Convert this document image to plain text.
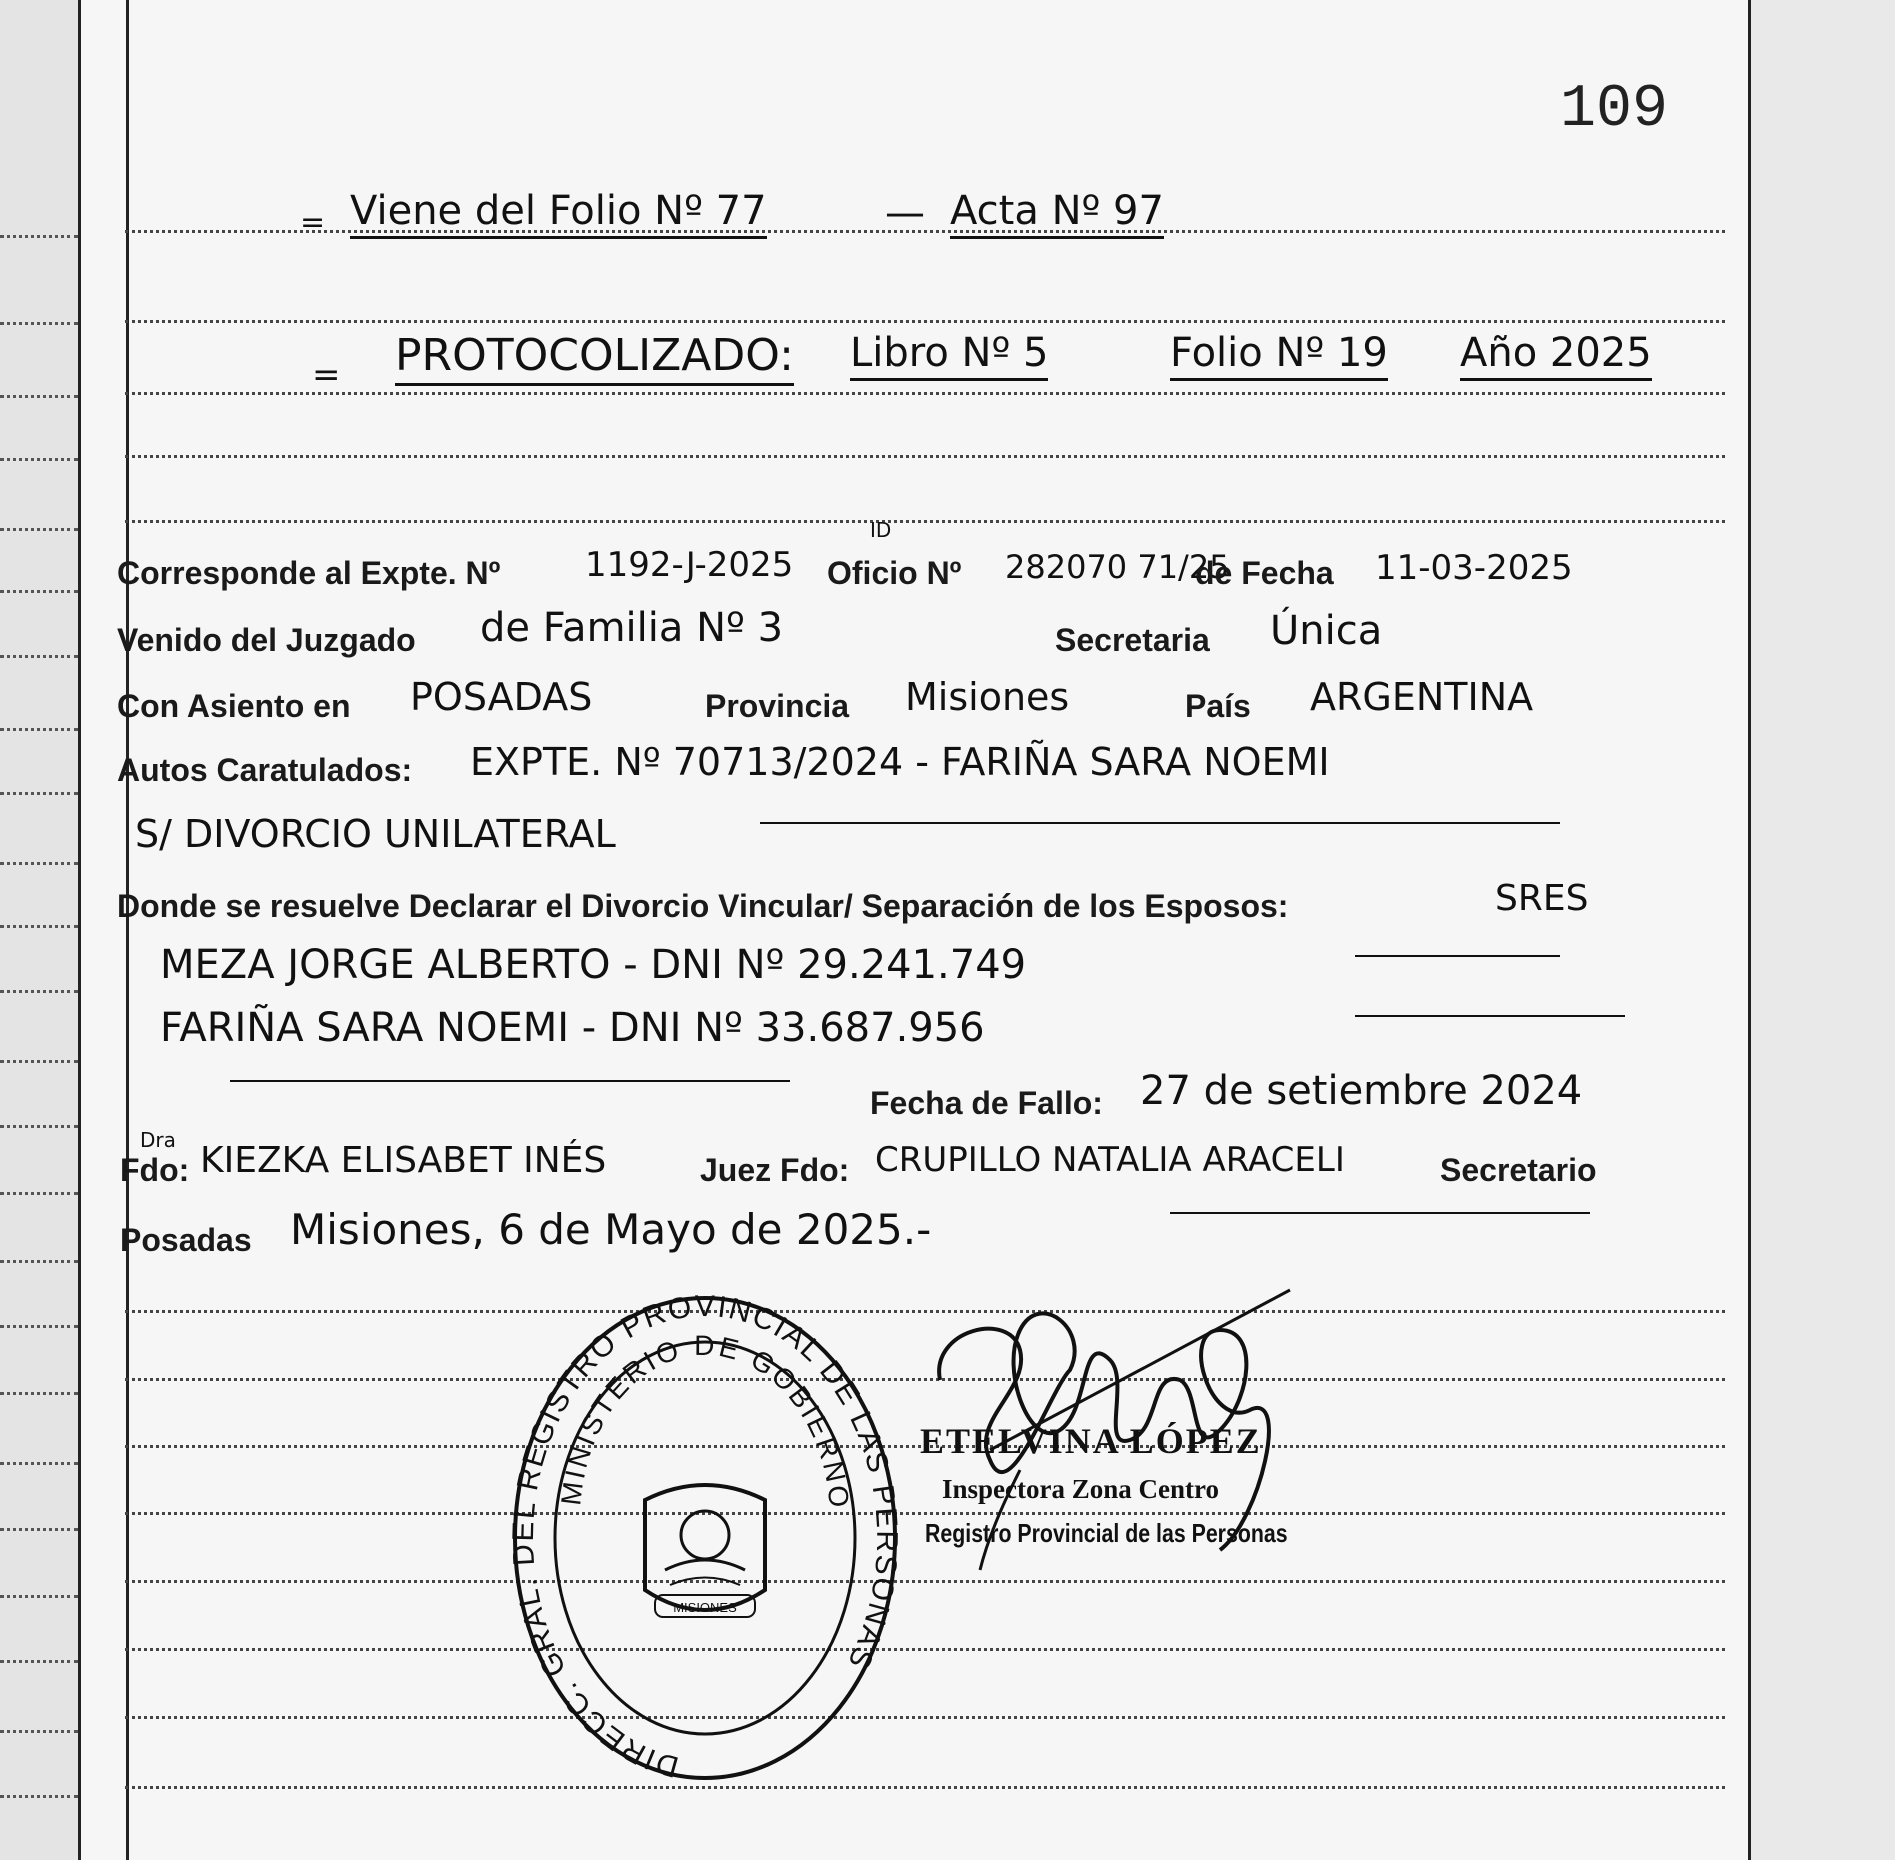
109
= Viene del Folio Nº 77	— Acta Nº 97
= PROTOCOLIZADO: Libro Nº 5	Folio Nº 19 Año 2025
Corresponde al Expte. Nº 1192-J-2025
ID
Oficio Nº 282070 71/25
de Fecha 11-03-2025
Venido del Juzgado de Familia Nº 3	Secretaria Única
Con Asiento en POSADAS	Provincia Misiones	País ARGENTINA
Autos Caratulados: EXPTE. Nº 70713/2024 - FARIÑA SARA NOEMI
S/ DIVORCIO UNILATERAL
Donde se resuelve Declarar el Divorcio Vincular/ Separación de los Esposos:	SRES
MEZA JORGE ALBERTO - DNI Nº 29.241.749
FARIÑA SARA NOEMI - DNI Nº 33.687.956
Fecha de Fallo: 27 de setiembre 2024
Dra
Fdo: KIEZKA ELISABET INÉS	Juez Fdo: CRUPILLO NATALIA ARACELI	Secretario
Posadas Misiones, 6 de Mayo de 2025.-
DIRECC. GRAL. DEL REGISTRO PROVINCIAL DE LAS PERSONAS
MINISTERIO DE GOBIERNO
MISIONES
ETELVINA LÓPEZ
Inspectora Zona Centro
Registro Provincial de las Personas
